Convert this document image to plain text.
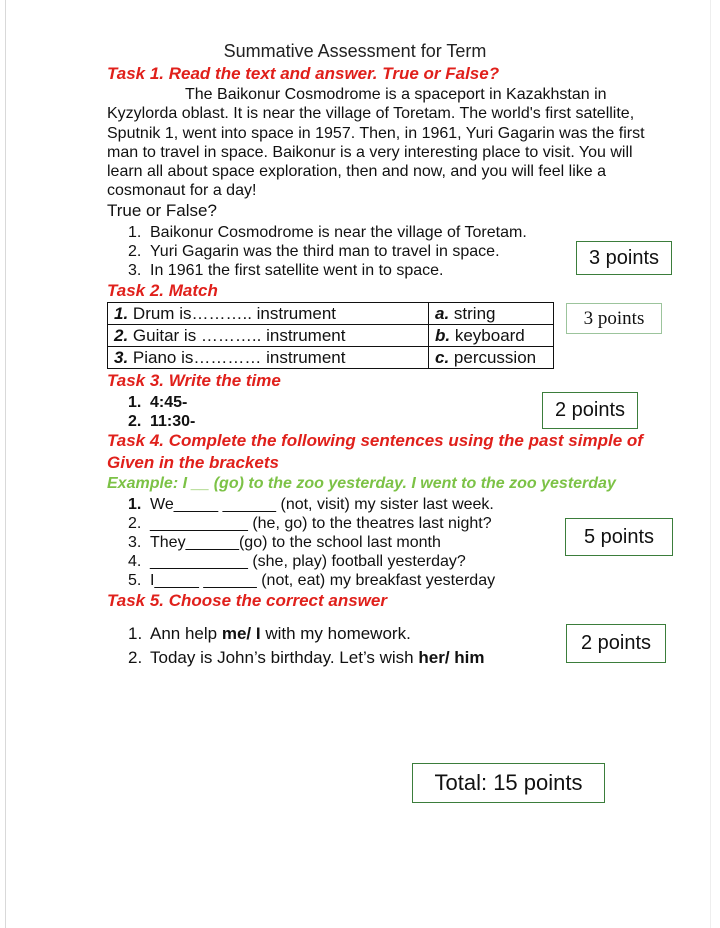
Summative Assessment for Term
Task 1. Read the text and answer. True or False?
The Baikonur Cosmodrome is a spaceport in Kazakhstan in Kyzylorda oblast. It is near the village of Toretam. The world's first satellite, Sputnik 1, went into space in 1957. Then, in 1961, Yuri Gagarin was the first man to travel in space. Baikonur is a very interesting place to visit. You will learn all about space exploration, then and now, and you will feel like a cosmonaut for a day!
True or False?
1. Baikonur Cosmodrome is near the village of Toretam.
2. Yuri Gagarin was the third man to travel in space.
3. In 1961 the first satellite went in to space.
3 points
Task 2. Match
1. Drum is……….. instrument	a. string
2. Guitar is ……….. instrument	b. keyboard
3. Piano is………… instrument	c. percussion
3 points
Task 3. Write the time
1. 4:45-
2. 11:30-
2 points
Task 4. Complete the following sentences using the past simple of
Given in the brackets
Example: I __ (go) to the zoo yesterday. I went to the zoo yesterday
1. We_____ ______ (not, visit) my sister last week.
2. ___________ (he, go) to the theatres last night?
3. They______(go) to the school last month
4. ___________ (she, play) football yesterday?
5. I_____ ______ (not, eat) my breakfast yesterday
5 points
Task 5. Choose the correct answer
1. Ann help me/ I with my homework.
2. Today is John’s birthday. Let’s wish her/ him
2 points
Total: 15 points
